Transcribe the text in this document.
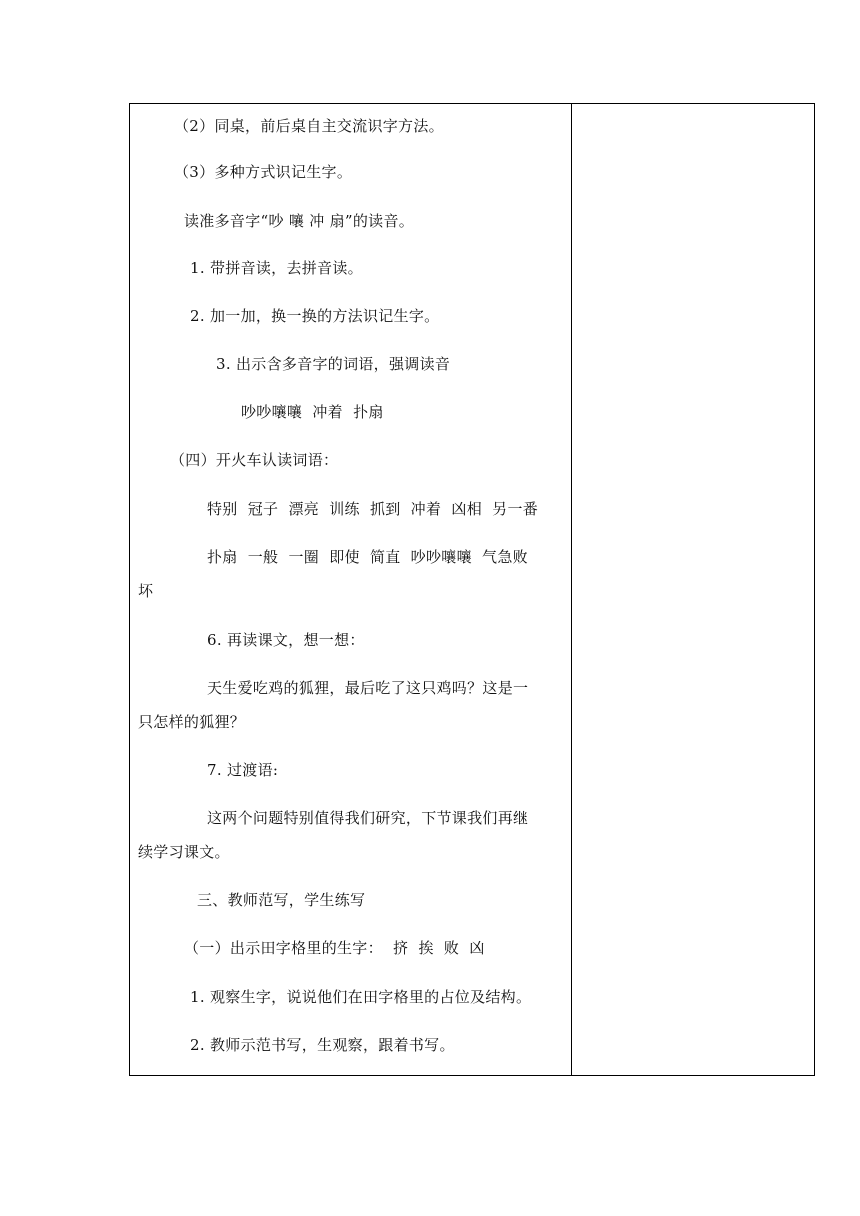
（2）同桌，前后桌自主交流识字方法。
（3）多种方式识记生字。
读准多音字“吵 嚷 冲 扇”的读音。
1. 带拼音读，去拼音读。
2. 加一加，换一换的方法识记生字。
3. 出示含多音字的词语，强调读音
吵吵嚷嚷  冲着  扑扇
（四）开火车认读词语：
特别  冠子  漂亮  训练  抓到  冲着  凶相  另一番
扑扇  一般  一圈  即使  简直  吵吵嚷嚷  气急败
坏
6. 再读课文，想一想：
天生爱吃鸡的狐狸，最后吃了这只鸡吗？这是一
只怎样的狐狸？
7. 过渡语:
这两个问题特别值得我们研究，下节课我们再继
续学习课文。
三、教师范写，学生练写
（一）出示田字格里的生字：  挤  挨  败  凶
1. 观察生字，说说他们在田字格里的占位及结构。
2. 教师示范书写，生观察，跟着书写。
